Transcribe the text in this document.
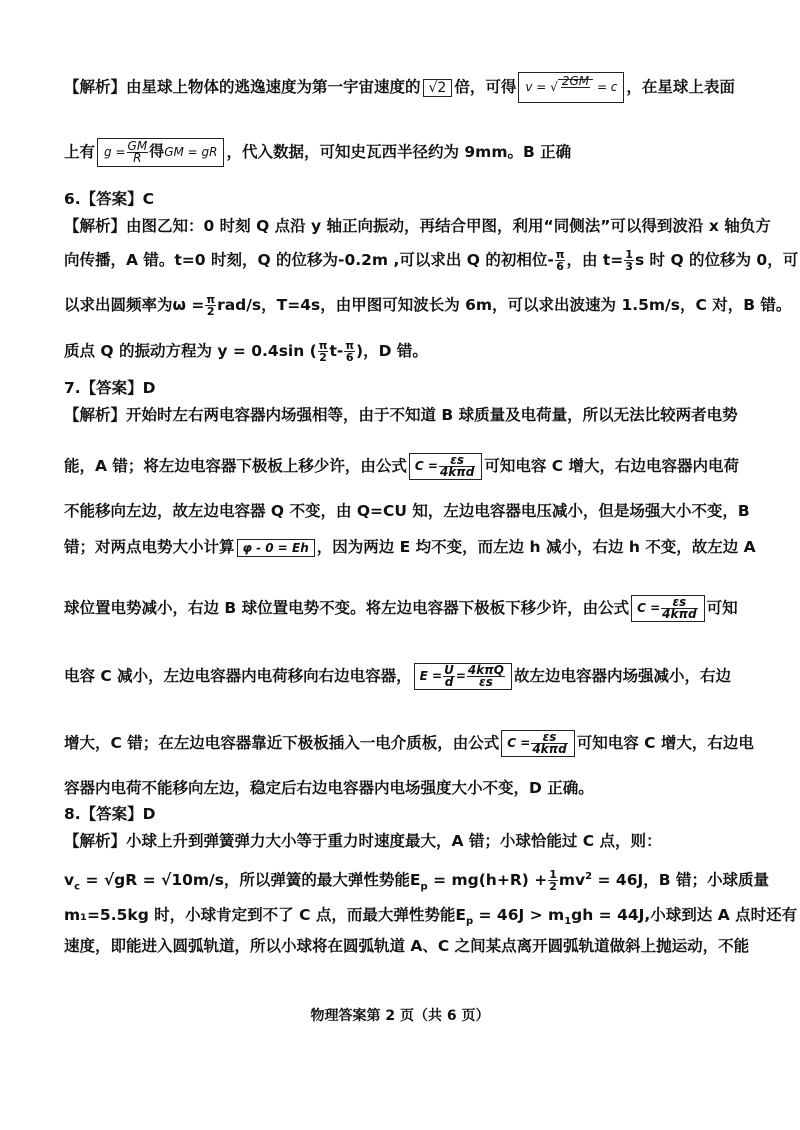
【解析】由星球上物体的逃逸速度为第一宇宙速度的 √2 倍，可得 v = √ 2GM
= c ，在星球上表面
上有 $g = \frac{GM}{R}$ 得GM = gR ，代入数据，可知史瓦西半径约为 9mm。B 正确
6.【答案】C
【解析】由图乙知：0 时刻 Q 点沿 y 轴正向振动，再结合甲图，利用“同侧法”可以得到波沿 x 轴负方
向传播，A 错。t=0 时刻，Q 的位移为-0.2m ,可以求出 Q 的初相位- $\frac{\pi}{6}$ ，由 $t= \frac{1}{3}$ s 时 Q 的位移为 0，可
以求出圆频率为$\omega = \frac{\pi}{2} rad/s$，T=4s，由甲图可知波长为 6m，可以求出波速为 1.5m/s，C 对，B 错。
质点 Q 的振动方程为 y = 0.4sin ( $\frac{\pi}{2} t- \frac{\pi}{6}$ )，D 错。
7.【答案】D
【解析】开始时左右两电容器内场强相等，由于不知道 B 球质量及电荷量，所以无法比较两者电势
能，A 错；将左边电容器下极板上移少许，由公式 $C = \frac{\varepsilon s}{\text{4kπd}}$ 可知电容 C 增大，右边电容器内电荷
不能移向左边，故左边电容器 Q 不变，由 Q=CU 知，左边电容器电压减小，但是场强大小不变，B
错；对两点电势大小计算 φ - 0 = Eh ，因为两边 E 均不变，而左边 h 减小，右边 h 不变，故左边 A
球位置电势减小，右边 B 球位置电势不变。将左边电容器下极板下移少许，由公式 $C = \frac{\varepsilon s}{\text{4kπd}}$ 可知
电容 C 减小，左边电容器内电荷移向右边电容器， $E = \frac{U}{d} = \frac{\text{4kπQ}}{\varepsilon s}$ 故左边电容器内场强减小，右边
增大，C 错；在左边电容器靠近下极板插入一电介质板，由公式 $C = \frac{\varepsilon s}{\text{4kπd}}$ 可知电容 C 增大，右边电
容器内电荷不能移向左边，稳定后右边电容器内电场强度大小不变，D 正确。
8.【答案】D
【解析】小球上升到弹簧弹力大小等于重力时速度最大，A 错；小球恰能过 C 点，则：
$v_c = √gR = √10m/s$，所以弹簧的最大弹性势能$E_p = mg(h+R) + \frac{1}{2} mv^2 = 46J$，B 错；小球质量
m₁=5.5kg 时，小球肯定到不了 C 点，而最大弹性势能$E_p = 46J > m_1gh = 44J$,小球到达 A 点时还有
速度，即能进入圆弧轨道，所以小球将在圆弧轨道 A、C 之间某点离开圆弧轨道做斜上抛运动，不能
物理答案第 2 页（共 6 页）
